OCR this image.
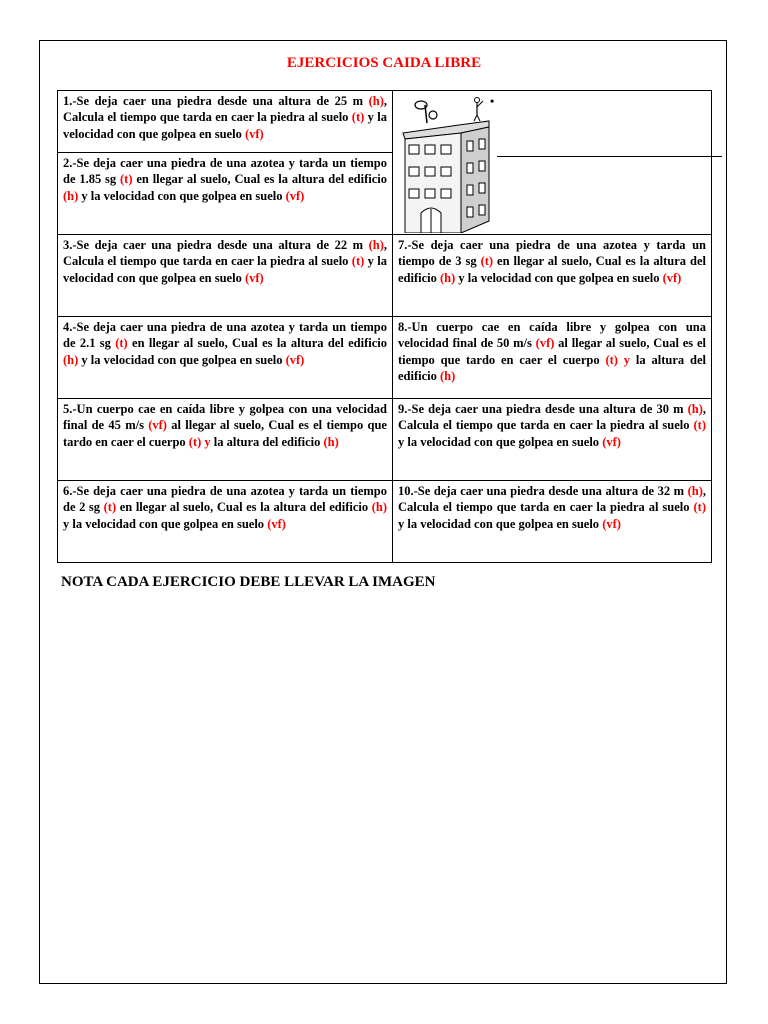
EJERCICIOS CAIDA LIBRE
1.-Se deja caer una piedra desde una altura de 25 m (h), Calcula el tiempo que tarda en caer la piedra al suelo (t) y la velocidad con que golpea en suelo (vf)	•

2.-Se deja caer una piedra de una azotea y tarda un tiempo de 1.85 sg (t) en llegar al suelo, Cual es la altura del edificio (h) y la velocidad con que golpea en suelo (vf)	
3.-Se deja caer una piedra desde una altura de 22 m (h), Calcula el tiempo que tarda en caer la piedra al suelo (t) y la velocidad con que golpea en suelo (vf)	7.-Se deja caer una piedra de una azotea y tarda un tiempo de 3 sg (t) en llegar al suelo, Cual es la altura del edificio (h) y la velocidad con que golpea en suelo (vf)
4.-Se deja caer una piedra de una azotea y tarda un tiempo de 2.1 sg (t) en llegar al suelo, Cual es la altura del edificio (h) y la velocidad con que golpea en suelo (vf)	8.-Un cuerpo cae en caída libre y golpea con una velocidad final de 50 m/s (vf) al llegar al suelo, Cual es el tiempo que tardo en caer el cuerpo (t) y la altura del edificio (h)
5.-Un cuerpo cae en caída libre y golpea con una velocidad final de 45 m/s (vf) al llegar al suelo, Cual es el tiempo que tardo en caer el cuerpo (t) y la altura del edificio (h)	9.-Se deja caer una piedra desde una altura de 30 m (h), Calcula el tiempo que tarda en caer la piedra al suelo (t) y la velocidad con que golpea en suelo (vf)
6.-Se deja caer una piedra de una azotea y tarda un tiempo de 2 sg (t) en llegar al suelo, Cual es la altura del edificio (h) y la velocidad con que golpea en suelo (vf)	10.-Se deja caer una piedra desde una altura de 32 m (h), Calcula el tiempo que tarda en caer la piedra al suelo (t) y la velocidad con que golpea en suelo (vf)
NOTA CADA EJERCICIO DEBE LLEVAR LA IMAGEN
